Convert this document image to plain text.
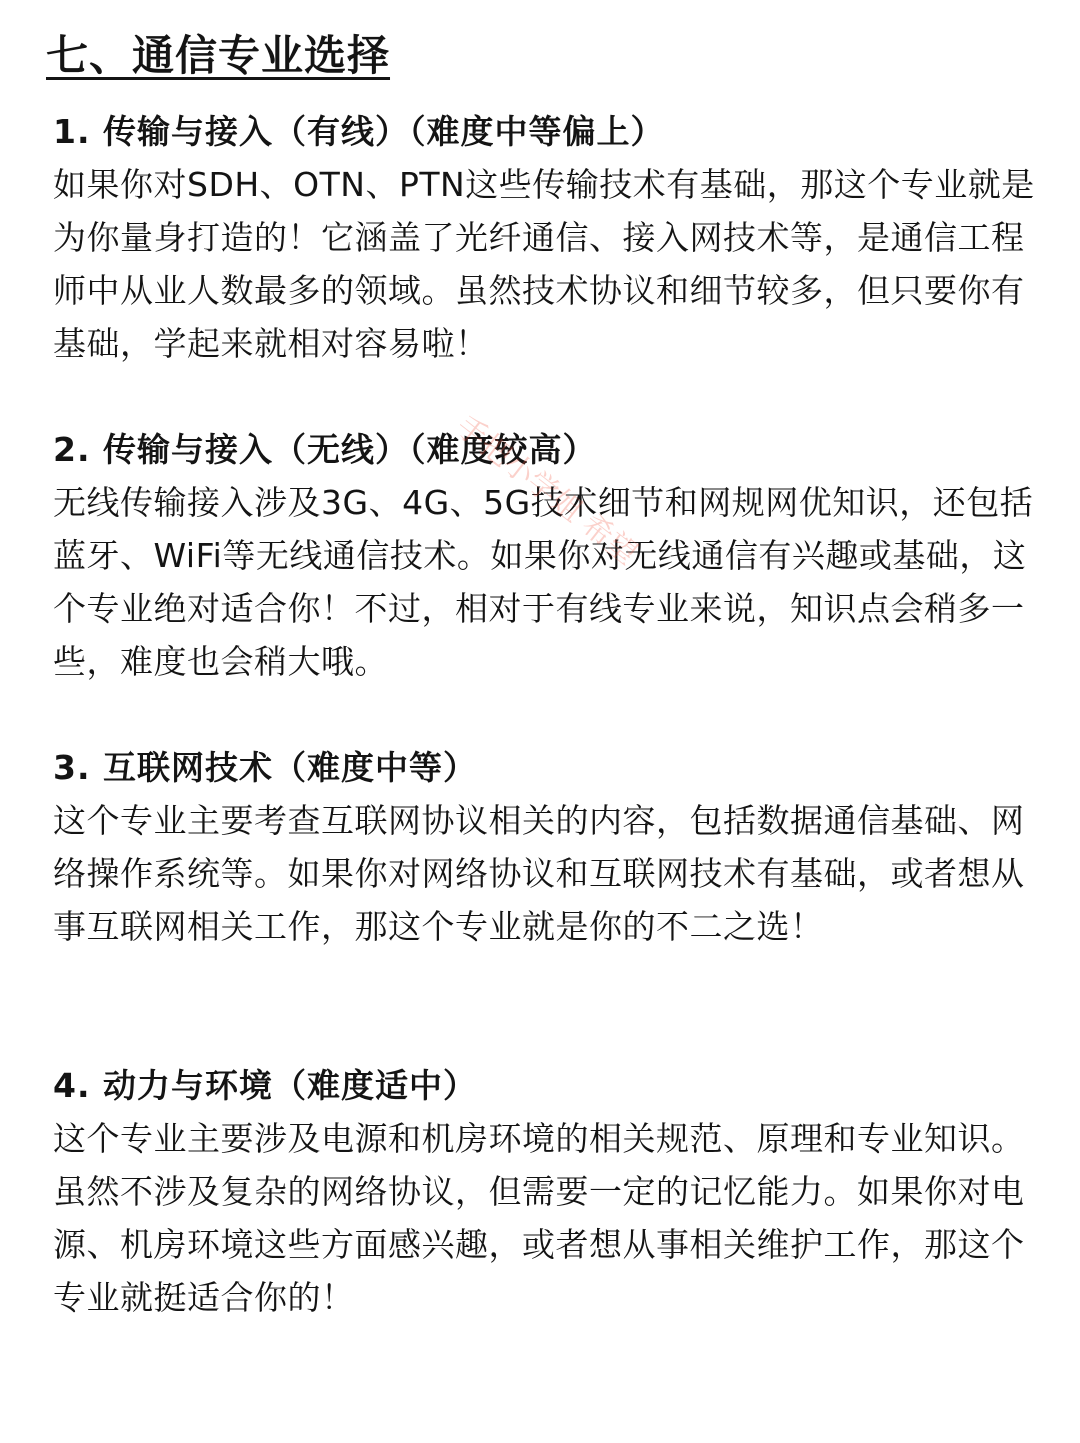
七、通信专业选择
1. 传输与接入（有线）（难度中等偏上）

如果你对SDH、OTN、PTN这些传输技术有基础，那这个专业就是为你量身打造的！它涵盖了光纤通信、接入网技术等，是通信工程师中从业人数最多的领域。虽然技术协议和细节较多，但只要你有基础，学起来就相对容易啦！

2. 传输与接入（无线）（难度较高）

无线传输接入涉及3G、4G、5G技术细节和网规网优知识，还包括蓝牙、WiFi等无线通信技术。如果你对无线通信有兴趣或基础，这个专业绝对适合你！不过，相对于有线专业来说，知识点会稍多一些，难度也会稍大哦。

3. 互联网技术（难度中等）

这个专业主要考查互联网协议相关的内容，包括数据通信基础、网络操作系统等。如果你对网络协议和互联网技术有基础，或者想从事互联网相关工作，那这个专业就是你的不二之选！

4. 动力与环境（难度适中）

这个专业主要涉及电源和机房环境的相关规范、原理和专业知识。虽然不涉及复杂的网络协议，但需要一定的记忆能力。如果你对电源、机房环境这些方面感兴趣，或者想从事相关维护工作，那这个专业就挺适合你的！

手把小学姐 希望
